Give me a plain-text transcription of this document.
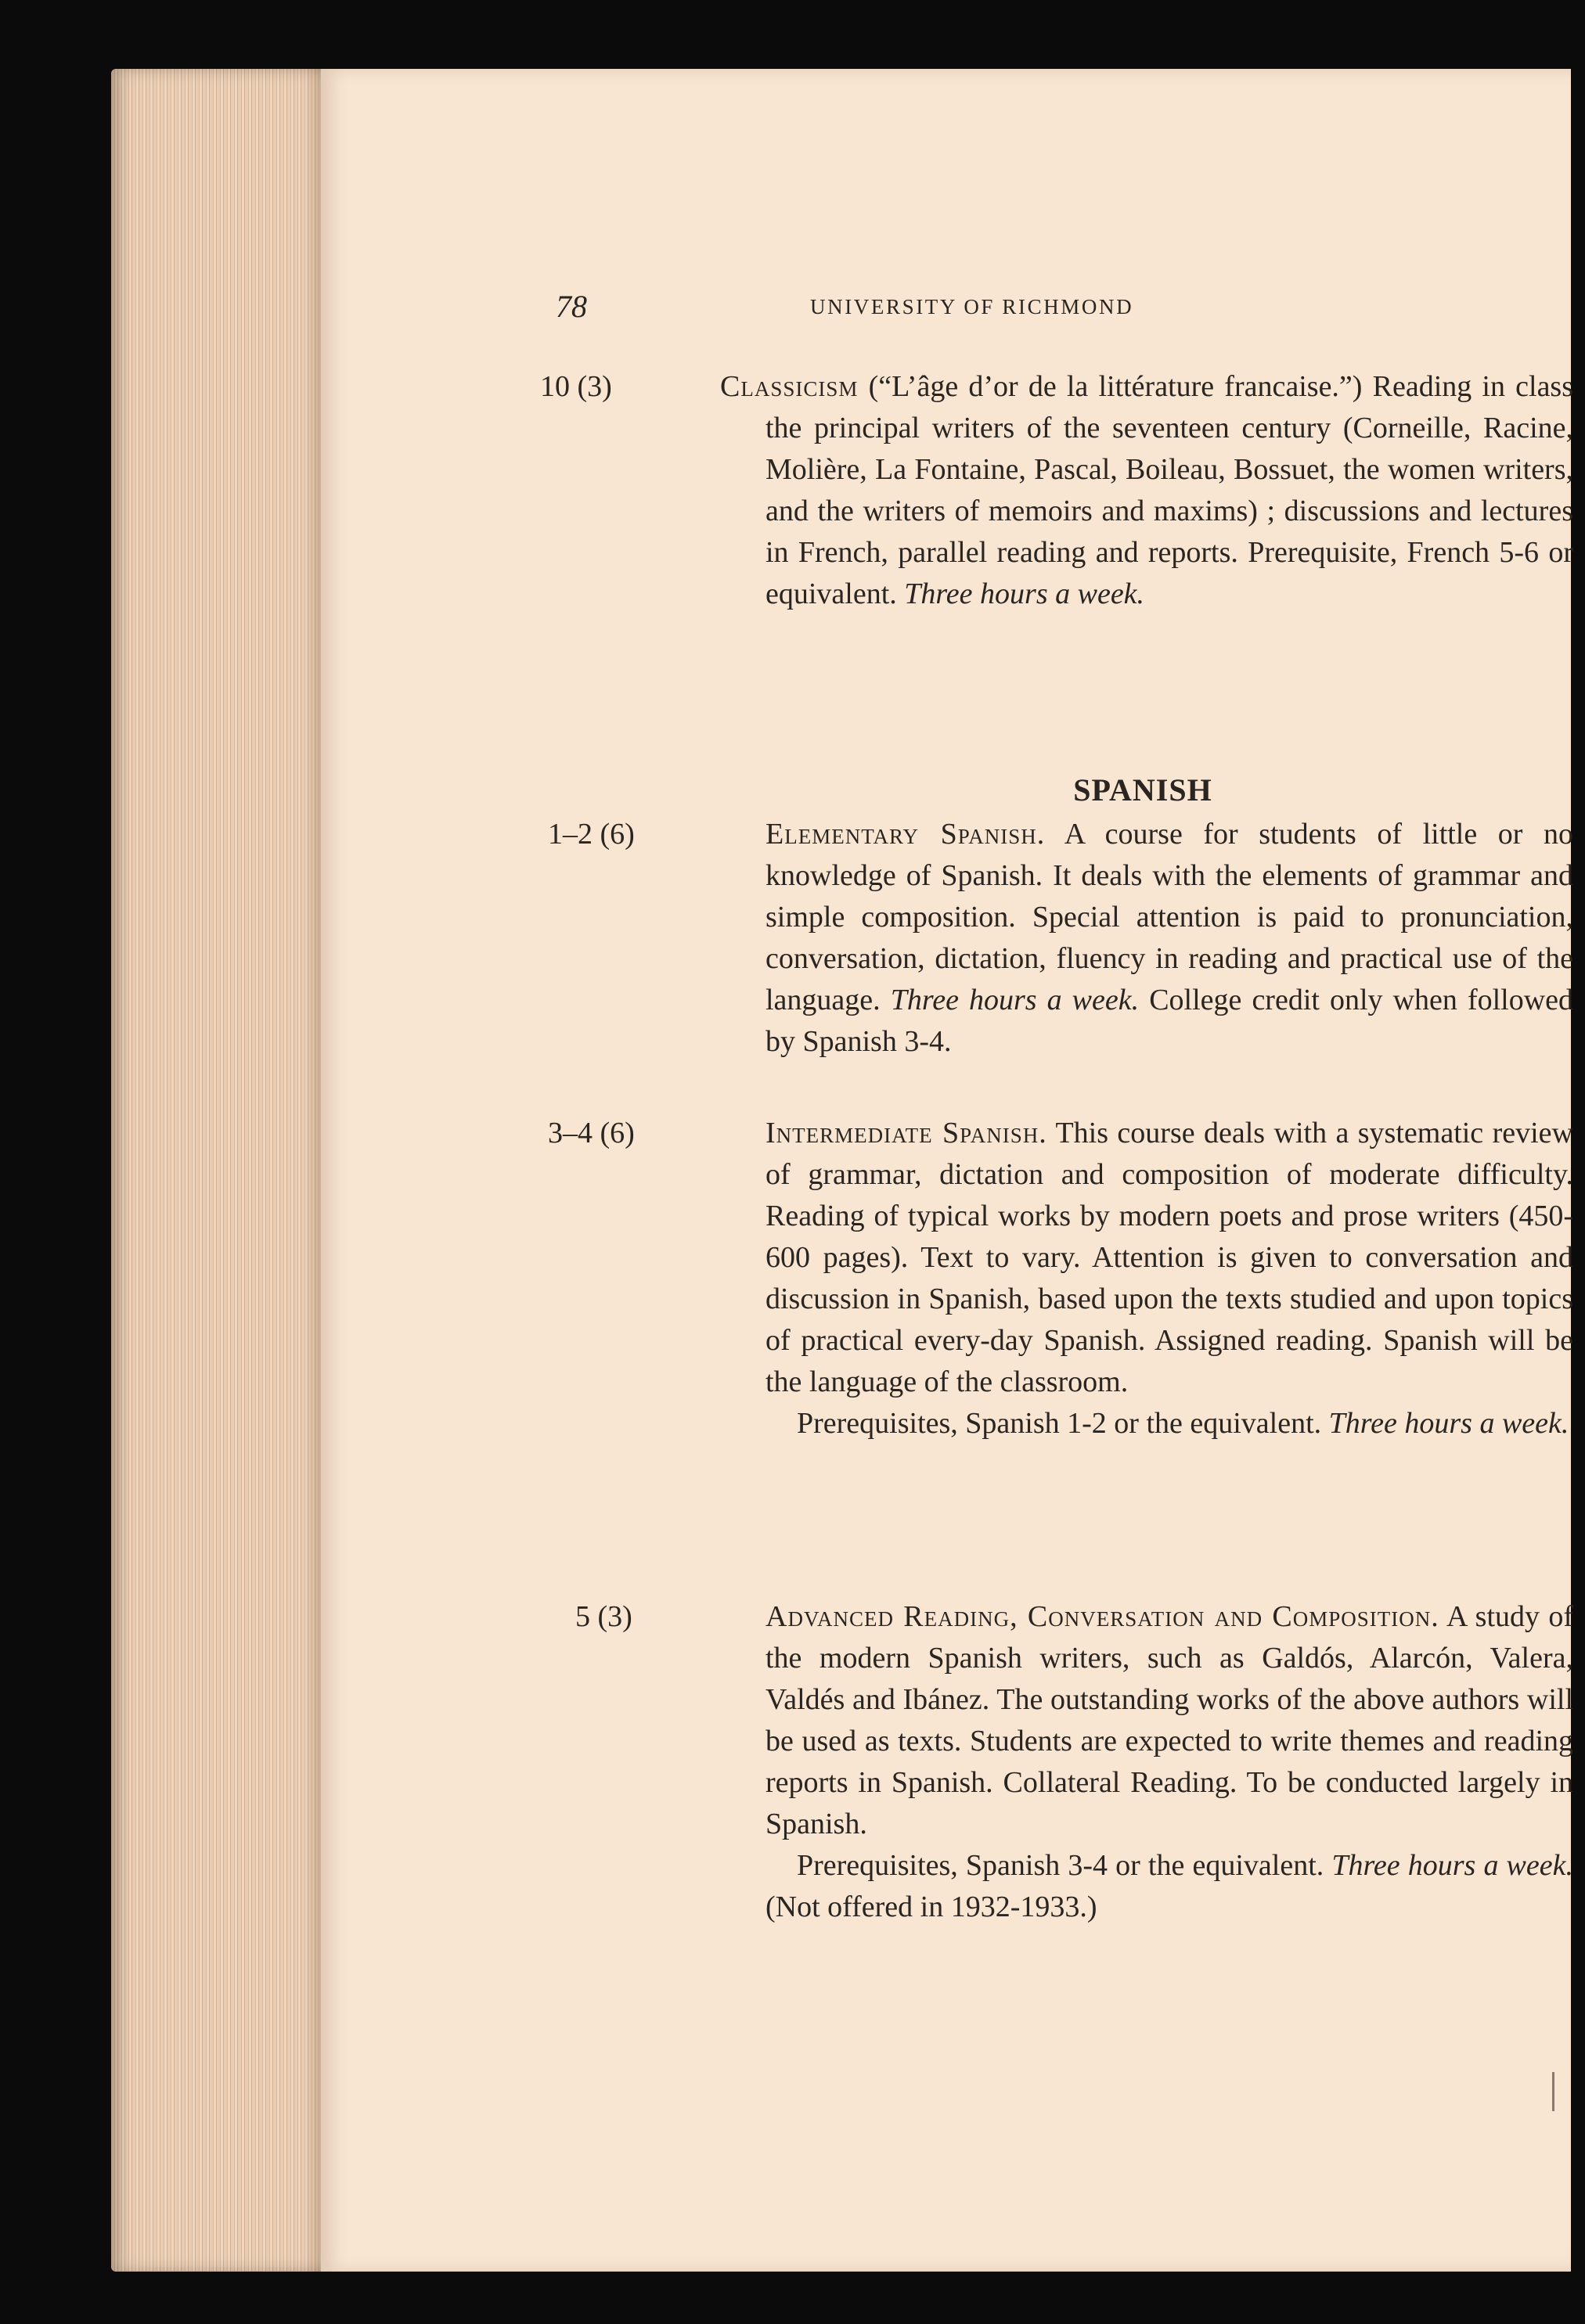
78	UNIVERSITY OF RICHMOND
10 (3)	Classicism (“L’âge d’or de la littérature francaise.”) Reading in class the principal writers of the seventeen century (Corneille, Racine, Molière, La Fontaine, Pascal, Boileau, Bossuet, the women writers, and the writers of memoirs and maxims) ; discussions and lectures in French, parallel reading and reports. Prerequisite, French 5-6 or equivalent. Three hours a week.
SPANISH
1–2 (6)	Elementary Spanish. A course for students of little or no knowledge of Spanish. It deals with the elements of grammar and simple composition. Special attention is paid to pronunciation, conversation, dictation, fluency in reading and practical use of the language. Three hours a week. College credit only when followed by Spanish 3-4.
3–4 (6)	Intermediate Spanish. This course deals with a systematic review of grammar, dictation and composition of moderate difficulty. Reading of typical works by modern poets and prose writers (450-600 pages). Text to vary. Attention is given to conversation and discussion in Spanish, based upon the texts studied and upon topics of practical every-day Spanish. Assigned reading. Spanish will be the language of the classroom.
Prerequisites, Spanish 1-2 or the equivalent. Three hours a week.
5 (3)	Advanced Reading, Conversation and Composition. A study of the modern Spanish writers, such as Galdós, Alarcón, Valera, Valdés and Ibánez. The outstanding works of the above authors will be used as texts. Students are expected to write themes and reading reports in Spanish. Collateral Reading. To be conducted largely in Spanish.
Prerequisites, Spanish 3-4 or the equivalent. Three hours a week. (Not offered in 1932-1933.)
